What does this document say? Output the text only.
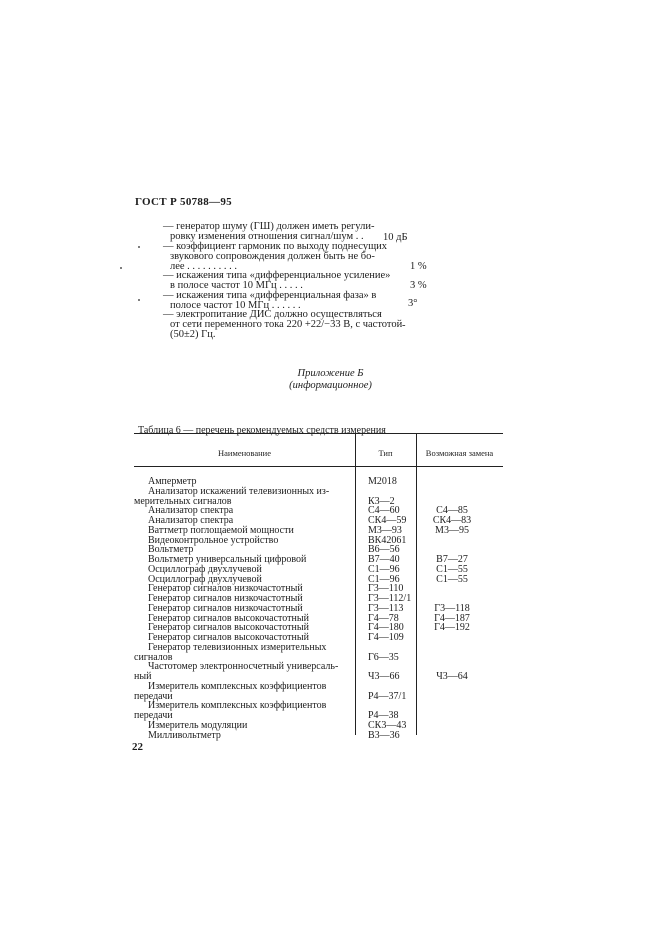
ГОСТ Р 50788—95
— генератор шуму (ГШ) должен иметь регули-
ровку изменения отношения сигнал/шум . . 10 дБ
— коэффициент гармоник по выходу поднесущих
звукового сопровождения должен быть не бо-
лее . . . . . . . . . .	1 %
— искажения типа «дифференциальное усиление»
в полосе частот 10 МГц . . . . .	3 %
— искажения типа «дифференциальная фаза» в
полосе частот 10 МГц . . . . . .	3°
— электропитание ДИС должно осуществляться
от сети переменного тока 220 +22/−33 В, с частотой
(50±2) Гц.
-
Приложение Б
(информационное)
Таблица 6 — перечень рекомендуемых средств измерения
Наименование	Тип	Возможная замена
Амперметр	М2018
Анализатор искажений телевизионных из-
мерительных сигналов	К3—2
Анализатор спектра	С4—60	С4—85
Анализатор спектра	СК4—59	СК4—83
Ваттметр поглощаемой мощности	М3—93	М3—95
Видеоконтрольное устройство	ВК42061
Вольтметр	В6—56
Вольтметр универсальный цифровой	В7—40	В7—27
Осциллограф двухлучевой	С1—96	С1—55
Осциллограф двухлучевой	С1—96	С1—55
Генератор сигналов низкочастотный	Г3—110
Генератор сигналов низкочастотный	Г3—112/1
Генератор сигналов низкочастотный	Г3—113	Г3—118
Генератор сигналов высокочастотный	Г4—78	Г4—187
Генератор сигналов высокочастотный	Г4—180	Г4—192
Генератор сигналов высокочастотный	Г4—109
Генератор телевизионных измерительных
сигналов	Г6—35
Частотомер электронносчетный универсаль-
ный	Ч3—66	Ч3—64
Измеритель комплексных коэффициентов
передачи	Р4—37/1
Измеритель комплексных коэффициентов
передачи	Р4—38
Измеритель модуляции	СК3—43
Милливольтметр	В3—36
22
